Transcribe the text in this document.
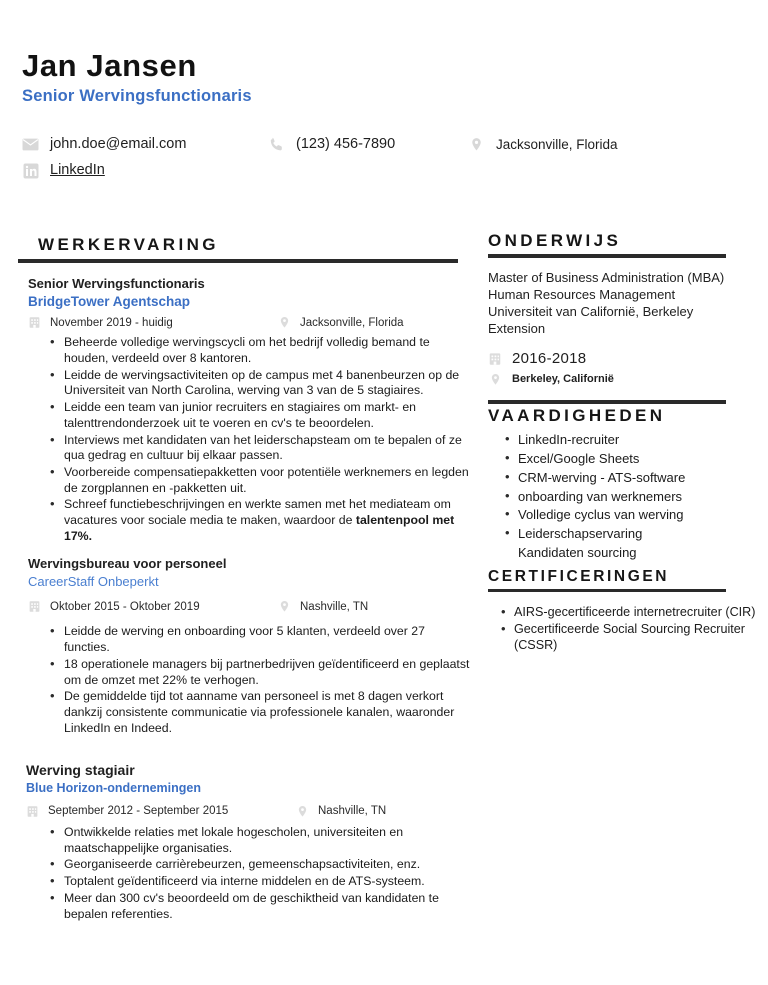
Jan Jansen
Senior Wervingsfunctionaris
john.doe@email.com	(123) 456-7890	Jacksonville, Florida
LinkedIn
WERKERVARING
Senior Wervingsfunctionaris
BridgeTower Agentschap
November 2019 - huidig	Jacksonville, Florida
• Beheerde volledige wervingscycli om het bedrijf volledig bemand te houden, verdeeld over 8 kantoren.
• Leidde de wervingsactiviteiten op de campus met 4 banenbeurzen op de Universiteit van North Carolina, werving van 3 van de 5 stagiaires.
• Leidde een team van junior recruiters en stagiaires om markt- en talenttrendonderzoek uit te voeren en cv's te beoordelen.
• Interviews met kandidaten van het leiderschapsteam om te bepalen of ze qua gedrag en cultuur bij elkaar passen.
• Voorbereide compensatiepakketten voor potentiële werknemers en legden de zorgplannen en -pakketten uit.
• Schreef functiebeschrijvingen en werkte samen met het mediateam om vacatures voor sociale media te maken, waardoor de talentenpool met 17%.
Wervingsbureau voor personeel
CareerStaff Onbeperkt
Oktober 2015 - Oktober 2019	Nashville, TN
• Leidde de werving en onboarding voor 5 klanten, verdeeld over 27 functies.
• 18 operationele managers bij partnerbedrijven geïdentificeerd en geplaatst om de omzet met 22% te verhogen.
• De gemiddelde tijd tot aanname van personeel is met 8 dagen verkort dankzij consistente communicatie via professionele kanalen, waaronder LinkedIn en Indeed.
Werving stagiair
Blue Horizon-ondernemingen
September 2012 - September 2015	Nashville, TN
• Ontwikkelde relaties met lokale hogescholen, universiteiten en maatschappelijke organisaties.
• Georganiseerde carrièrebeurzen, gemeenschapsactiviteiten, enz.
• Toptalent geïdentificeerd via interne middelen en de ATS-systeem.
• Meer dan 300 cv's beoordeeld om de geschiktheid van kandidaten te bepalen referenties.
ONDERWIJS
Master of Business Administration (MBA)
Human Resources Management
Universiteit van Californië, Berkeley
Extension
2016-2018
Berkeley, Californië
VAARDIGHEDEN
• LinkedIn-recruiter
• Excel/Google Sheets
• CRM-werving - ATS-software
• onboarding van werknemers
• Volledige cyclus van werving
• Leiderschapservaring
Kandidaten sourcing
CERTIFICERINGEN
• AIRS-gecertificeerde internetrecruiter (CIR)
• Gecertificeerde Social Sourcing Recruiter (CSSR)
